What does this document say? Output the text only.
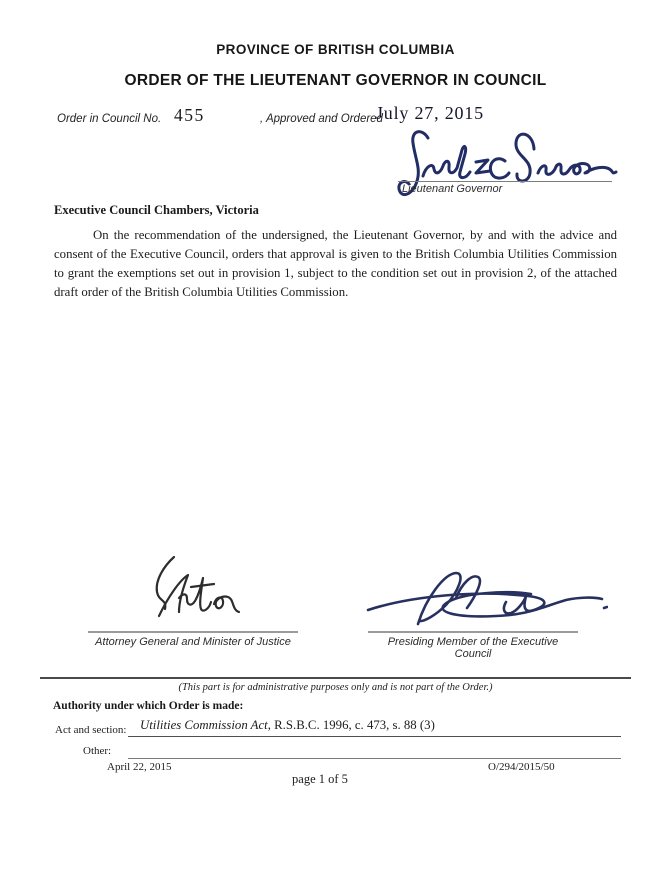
PROVINCE OF BRITISH COLUMBIA
ORDER OF THE LIEUTENANT GOVERNOR IN COUNCIL
Order in Council No. 455	, Approved and Ordered
July 27, 2015
Lieutenant Governor
Executive Council Chambers, Victoria

On the recommendation of the undersigned, the Lieutenant Governor, by and with the advice and consent of the Executive Council, orders that approval is given to the British Columbia Utilities Commission to grant the exemptions set out in provision 1, subject to the condition set out in provision 2, of the attached draft order of the British Columbia Utilities Commission.

Attorney General and Minister of Justice	Presiding Member of the Executive Council
(This part is for administrative purposes only and is not part of the Order.)
Authority under which Order is made:
Act and section:	Utilities Commission Act, R.S.B.C. 1996, c. 473, s. 88 (3)
Other:
April 22, 2015	O/294/2015/50
page 1 of 5
